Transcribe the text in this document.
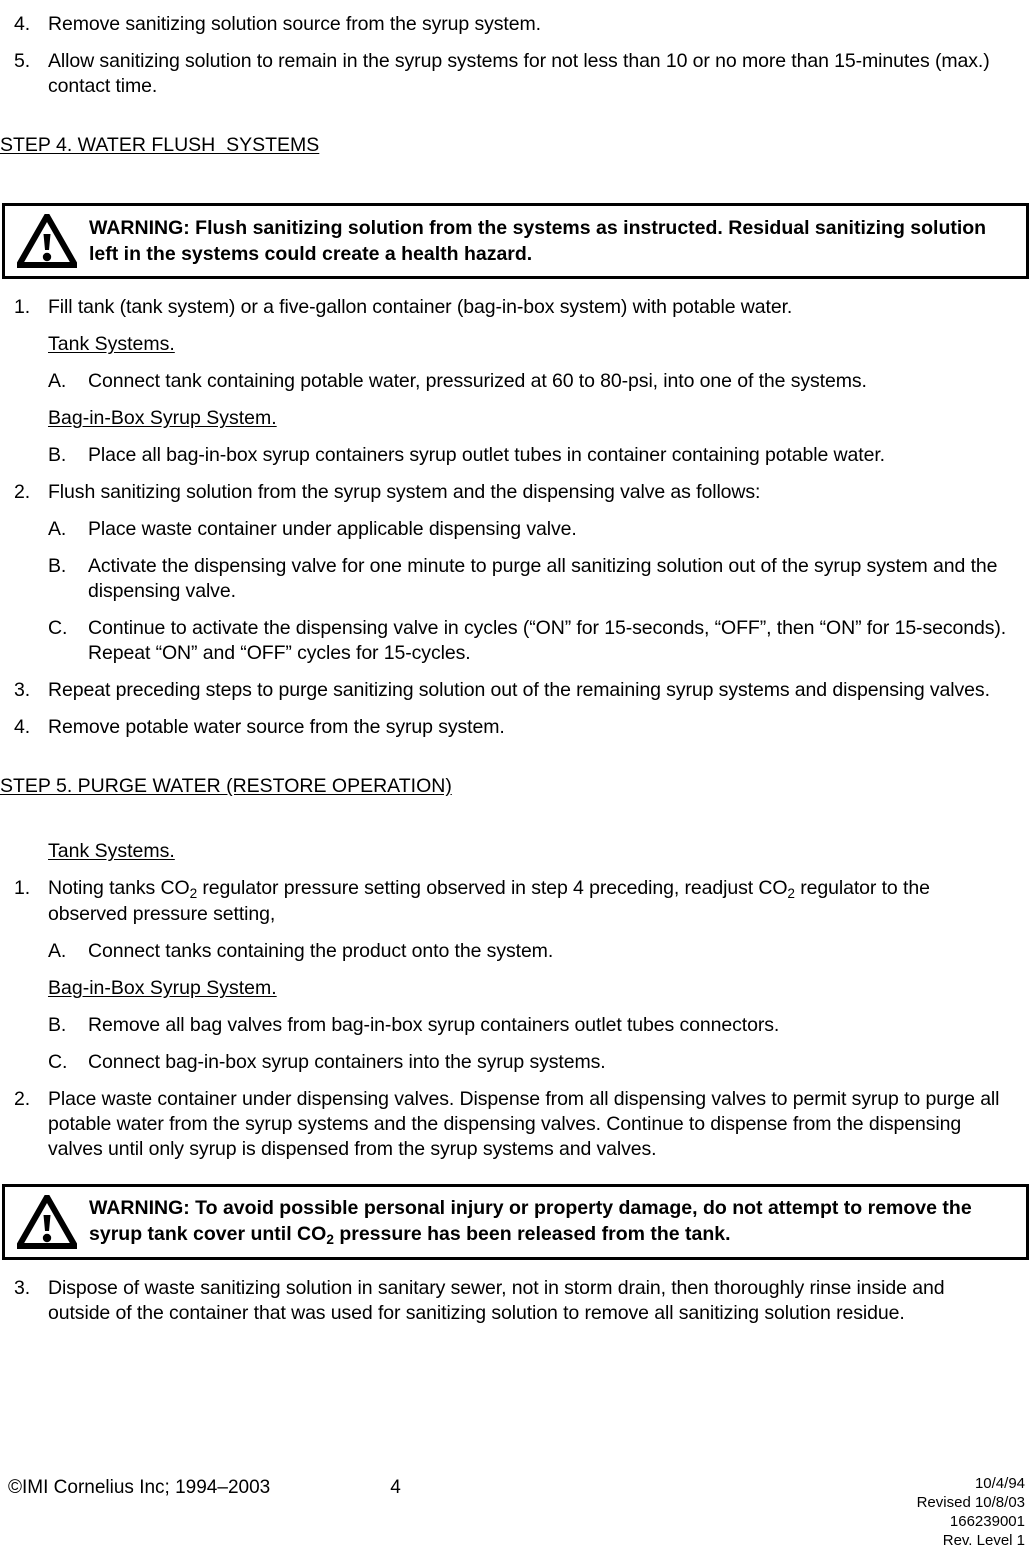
4. Remove sanitizing solution source from the syrup system.
5. Allow sanitizing solution to remain in the syrup systems for not less than 10 or no more than 15-minutes (max.) contact time.
STEP 4. WATER FLUSH  SYSTEMS
WARNING: Flush sanitizing solution from the systems as instructed. Residual sanitizing solution left in the systems could create a health hazard.
1. Fill tank (tank system) or a five-gallon container (bag-in-box system) with potable water.
Tank Systems.
A.	Connect tank containing potable water, pressurized at 60 to 80-psi, into one of the systems.
Bag-in-Box Syrup System.
B.	Place all bag-in-box syrup containers syrup outlet tubes in container containing potable water.
2. Flush sanitizing solution from the syrup system and the dispensing valve as follows:
A.	Place waste container under applicable dispensing valve.
B.	Activate the dispensing valve for one minute to purge all sanitizing solution out of the syrup system and the dispensing valve.
C.	Continue to activate the dispensing valve in cycles (“ON” for 15-seconds, “OFF”, then “ON” for 15-seconds). Repeat “ON” and “OFF” cycles for 15-cycles.
3. Repeat preceding steps to purge sanitizing solution out of the remaining syrup systems and dispensing valves.
4. Remove potable water source from the syrup system.
STEP 5. PURGE WATER (RESTORE OPERATION)
Tank Systems.
1. Noting tanks $CO_2$ regulator pressure setting observed in step 4 preceding, readjust $CO_2$ regulator to the observed pressure setting,
A.	Connect tanks containing the product onto the system.
Bag-in-Box Syrup System.
B.	Remove all bag valves from bag-in-box syrup containers outlet tubes connectors.
C.	Connect bag-in-box syrup containers into the syrup systems.
2. Place waste container under dispensing valves. Dispense from all dispensing valves to permit syrup to purge all potable water from the syrup systems and the dispensing valves. Continue to dispense from the dispensing valves until only syrup is dispensed from the syrup systems and valves.
WARNING: To avoid possible personal injury or property damage, do not attempt to remove the syrup tank cover until $CO_2$ pressure has been released from the tank.
3. Dispose of waste sanitizing solution in sanitary sewer, not in storm drain, then thoroughly rinse inside and outside of the container that was used for sanitizing solution to remove all sanitizing solution residue.
©IMI Cornelius Inc; 1994–2003	4	10/4/94
Revised 10/8/03
166239001
Rev. Level 1
